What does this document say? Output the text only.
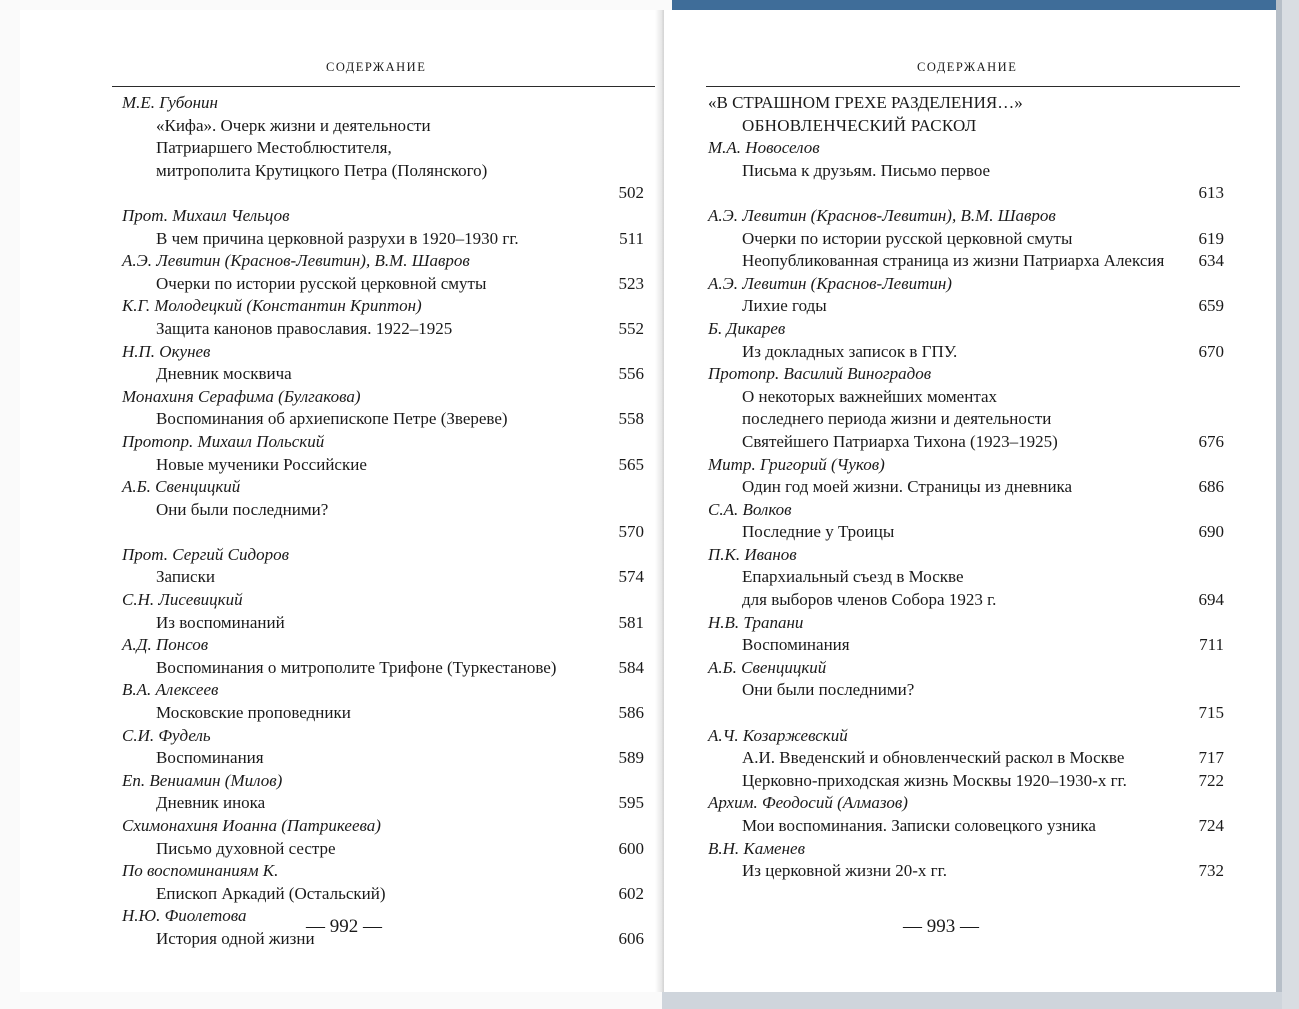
СОДЕРЖАНИЕ
М.Е. Губонин
«Кифа». Очерк жизни и деятельности
Патриаршего Местоблюстителя,
митрополита Крутицкого Петра (Полянского)
502
Прот. Михаил Чельцов
В чем причина церковной разрухи в 1920–1930 гг.	511
А.Э. Левитин (Краснов-Левитин), В.М. Шавров
Очерки по истории русской церковной смуты	523
К.Г. Молодецкий (Константин Криптон)
Защита канонов православия. 1922–1925	552
Н.П. Окунев
Дневник москвича	556
Монахиня Серафима (Булгакова)
Воспоминания об архиепископе Петре (Звереве)	558
Протопр. Михаил Польский
Новые мученики Российские	565
А.Б. Свенцицкий
Они были последними?
570
Прот. Сергий Сидоров
Записки	574
С.Н. Лисевицкий
Из воспоминаний	581
А.Д. Понсов
Воспоминания о митрополите Трифоне (Туркестанове)	584
В.А. Алексеев
Московские проповедники	586
С.И. Фудель
Воспоминания	589
Еп. Вениамин (Милов)
Дневник инока	595
Схимонахиня Иоанна (Патрикеева)
Письмо духовной сестре	600
По воспоминаниям К.
Епископ Аркадий (Остальский)	602
Н.Ю. Фиолетова
История одной жизни	606
— 992 —
СОДЕРЖАНИЕ
«В СТРАШНОМ ГРЕХЕ РАЗДЕЛЕНИЯ…»
ОБНОВЛЕНЧЕСКИЙ РАСКОЛ
М.А. Новоселов
Письма к друзьям. Письмо первое
613
А.Э. Левитин (Краснов-Левитин), В.М. Шавров
Очерки по истории русской церковной смуты	619
Неопубликованная страница из жизни Патриарха Алексия 634
А.Э. Левитин (Краснов-Левитин)
Лихие годы	659
Б. Дикарев
Из докладных записок в ГПУ.	670
Протопр. Василий Виноградов
О некоторых важнейших моментах
последнего периода жизни и деятельности
Святейшего Патриарха Тихона (1923–1925)	676
Митр. Григорий (Чуков)
Один год моей жизни. Страницы из дневника	686
С.А. Волков
Последние у Троицы	690
П.К. Иванов
Епархиальный съезд в Москве
для выборов членов Собора 1923 г.	694
Н.В. Трапани
Воспоминания	711
А.Б. Свенцицкий
Они были последними?
715
А.Ч. Козаржевский
А.И. Введенский и обновленческий раскол в Москве	717
Церковно-приходская жизнь Москвы 1920–1930-х гг.	722
Архим. Феодосий (Алмазов)
Мои воспоминания. Записки соловецкого узника	724
В.Н. Каменев
Из церковной жизни 20-х гг.	732
— 993 —
